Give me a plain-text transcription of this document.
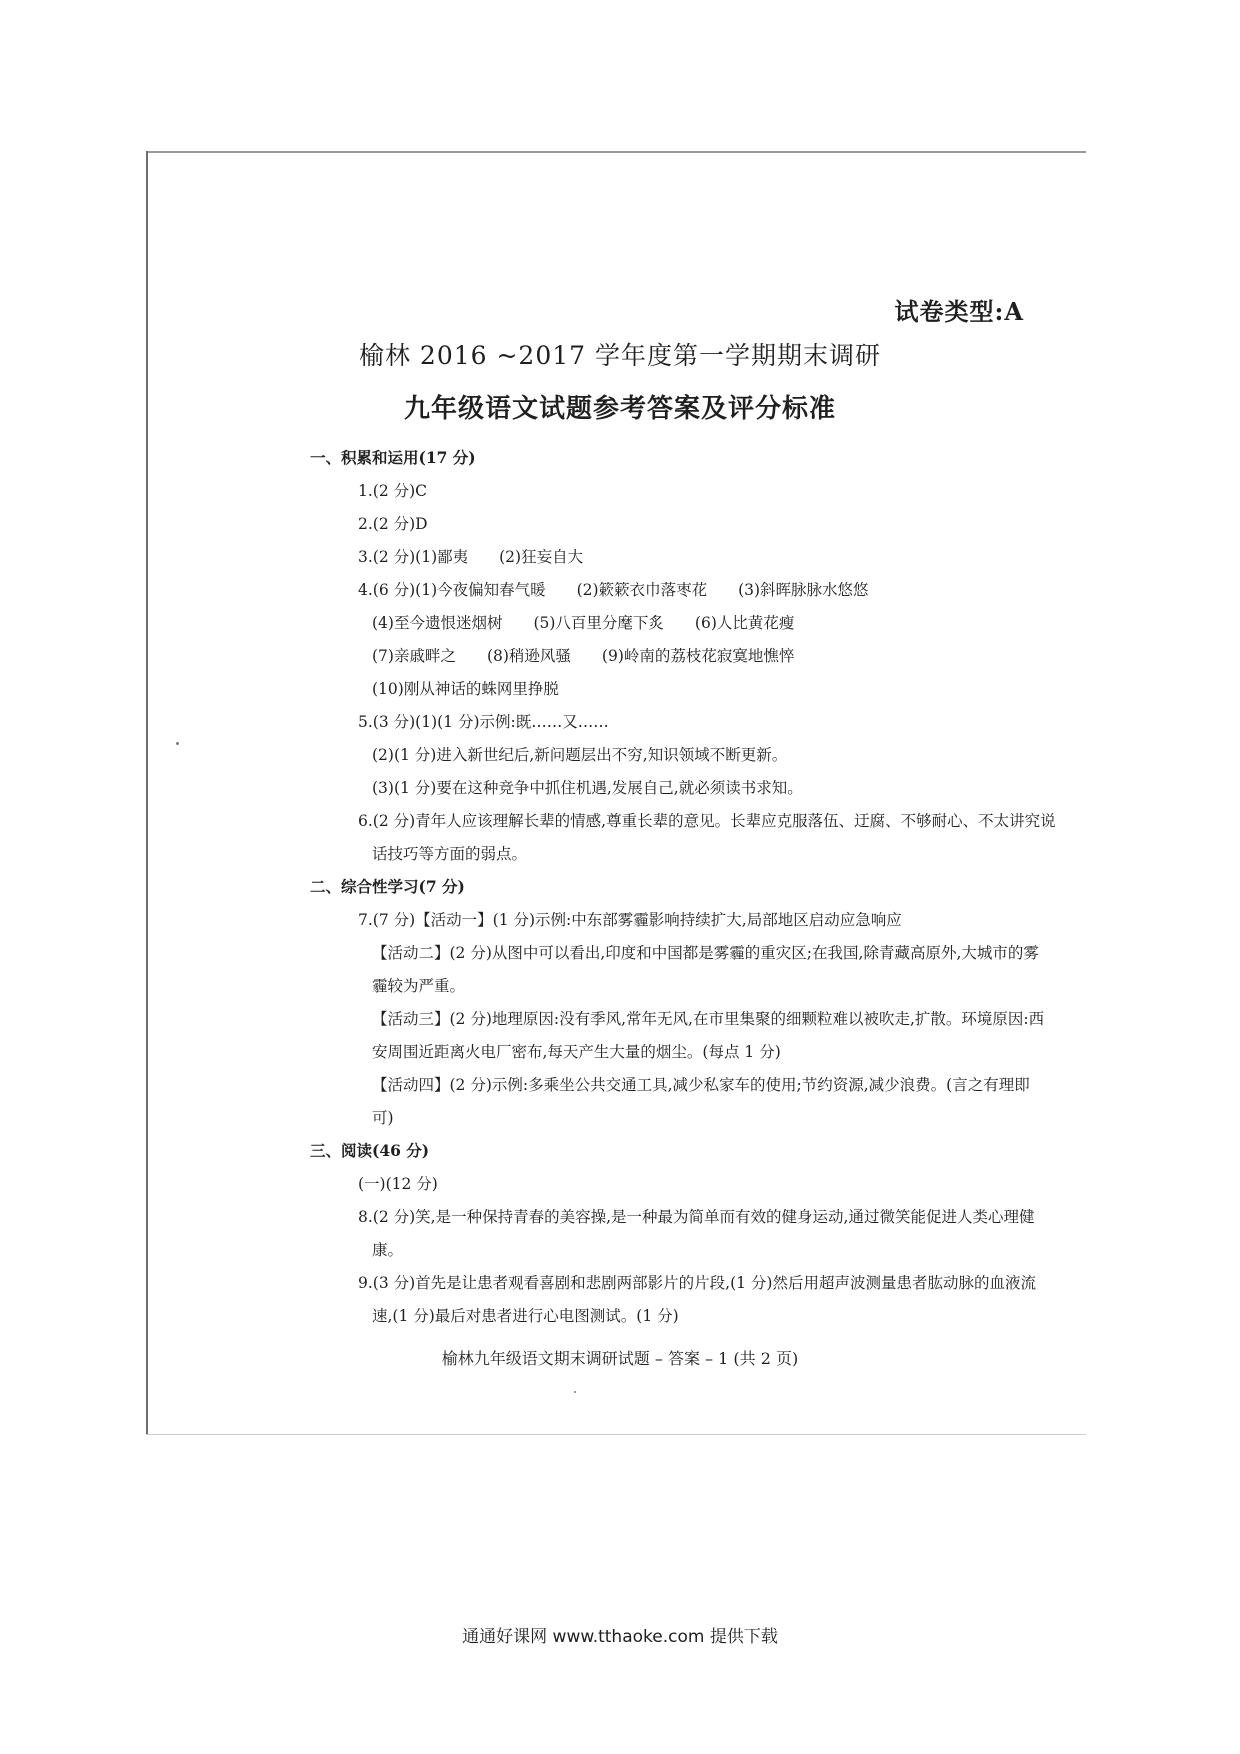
试卷类型:A
榆林 2016 ~2017 学年度第一学期期末调研
九年级语文试题参考答案及评分标准
一、积累和运用(17 分)
1.(2 分)C
2.(2 分)D
3.(2 分)(1)鄙夷　　(2)狂妄自大
4.(6 分)(1)今夜偏知春气暖　　(2)簌簌衣巾落枣花　　(3)斜晖脉脉水悠悠
(4)至今遗恨迷烟树　　(5)八百里分麾下炙　　(6)人比黄花瘦
(7)亲戚畔之　　(8)稍逊风骚　　(9)岭南的荔枝花寂寞地憔悴
(10)刚从神话的蛛网里挣脱
5.(3 分)(1)(1 分)示例:既……又……
(2)(1 分)进入新世纪后,新问题层出不穷,知识领域不断更新。
(3)(1 分)要在这种竞争中抓住机遇,发展自己,就必须读书求知。
6.(2 分)青年人应该理解长辈的情感,尊重长辈的意见。长辈应克服落伍、迂腐、不够耐心、不太讲究说
话技巧等方面的弱点。
二、综合性学习(7 分)
7.(7 分)【活动一】(1 分)示例:中东部雾霾影响持续扩大,局部地区启动应急响应
【活动二】(2 分)从图中可以看出,印度和中国都是雾霾的重灾区;在我国,除青藏高原外,大城市的雾
霾较为严重。
【活动三】(2 分)地理原因:没有季风,常年无风,在市里集聚的细颗粒难以被吹走,扩散。环境原因:西
安周围近距离火电厂密布,每天产生大量的烟尘。(每点 1 分)
【活动四】(2 分)示例:多乘坐公共交通工具,减少私家车的使用;节约资源,减少浪费。(言之有理即
可)
三、阅读(46 分)
(一)(12 分)
8.(2 分)笑,是一种保持青春的美容操,是一种最为简单而有效的健身运动,通过微笑能促进人类心理健
康。
9.(3 分)首先是让患者观看喜剧和悲剧两部影片的片段,(1 分)然后用超声波测量患者肱动脉的血液流
速,(1 分)最后对患者进行心电图测试。(1 分)
榆林九年级语文期末调研试题 – 答案 – 1 (共 2 页)
通通好课网 www.tthaoke.com 提供下载
